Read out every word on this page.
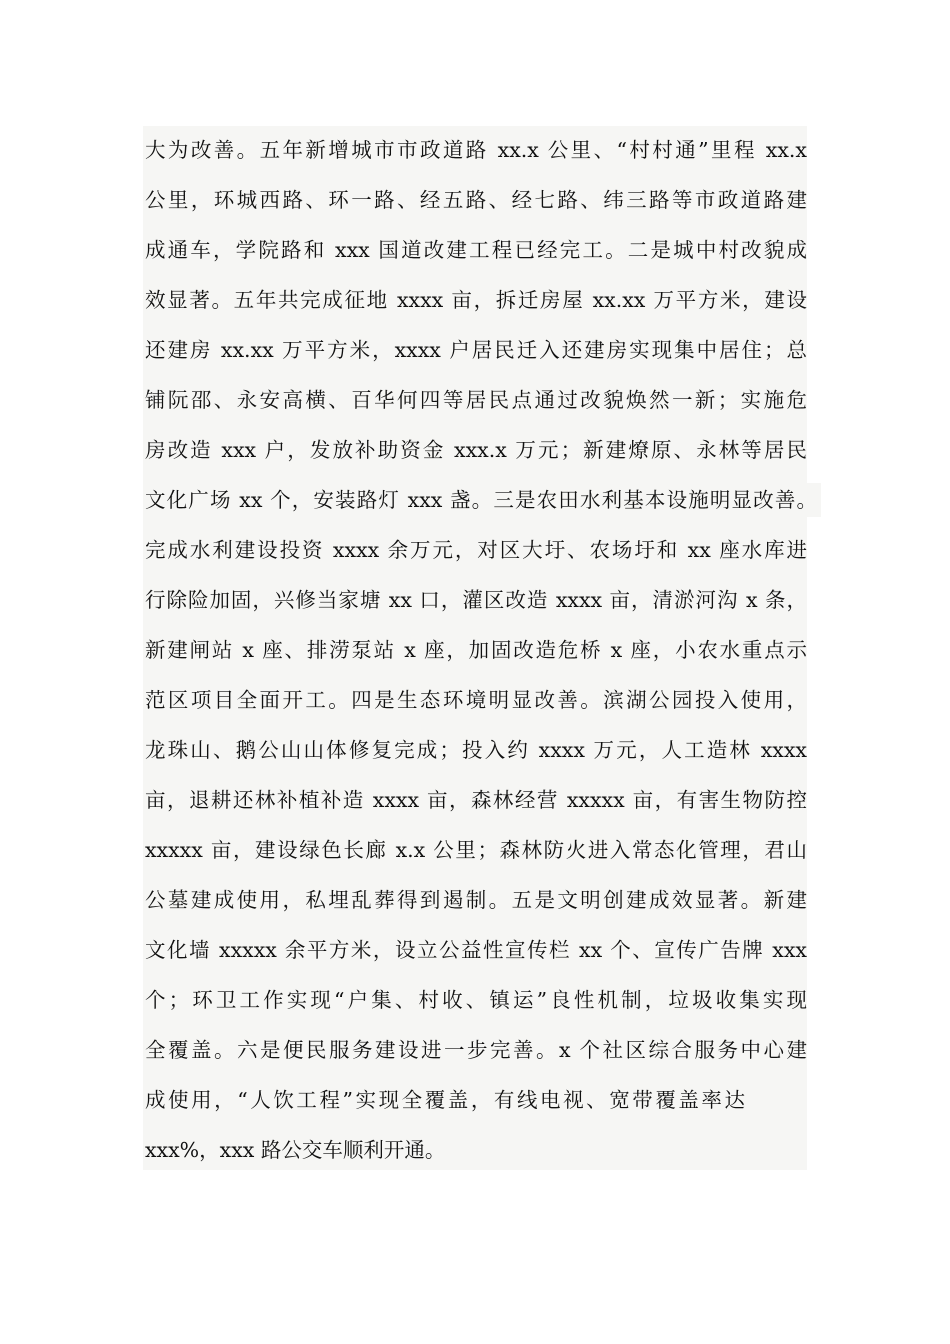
大为改善。五年新增城市市政道路 xx.x 公里、“村村通”里程 xx.x
公里，环城西路、环一路、经五路、经七路、纬三路等市政道路建
成通车，学院路和 xxx 国道改建工程已经完工。二是城中村改貌成
效显著。五年共完成征地 xxxx 亩，拆迁房屋 xx.xx 万平方米，建设
还建房 xx.xx 万平方米，xxxx 户居民迁入还建房实现集中居住；总
铺阮邵、永安高横、百华何四等居民点通过改貌焕然一新；实施危
房改造 xxx 户，发放补助资金 xxx.x 万元；新建燎原、永林等居民
文化广场 xx 个，安装路灯 xxx 盏。三是农田水利基本设施明显改善。
完成水利建设投资 xxxx 余万元，对区大圩、农场圩和 xx 座水库进
行除险加固，兴修当家塘 xx 口，灌区改造 xxxx 亩，清淤河沟 x 条，
新建闸站 x 座、排涝泵站 x 座，加固改造危桥 x 座，小农水重点示
范区项目全面开工。四是生态环境明显改善。滨湖公园投入使用，
龙珠山、鹅公山山体修复完成；投入约 xxxx 万元，人工造林 xxxx
亩，退耕还林补植补造 xxxx 亩，森林经营 xxxxx 亩，有害生物防控
xxxxx 亩，建设绿色长廊 x.x 公里；森林防火进入常态化管理，君山
公墓建成使用，私埋乱葬得到遏制。五是文明创建成效显著。新建
文化墙 xxxxx 余平方米，设立公益性宣传栏 xx 个、宣传广告牌 xxx
个；环卫工作实现“户集、村收、镇运”良性机制，垃圾收集实现
全覆盖。六是便民服务建设进一步完善。x 个社区综合服务中心建
成使用，“人饮工程”实现全覆盖，有线电视、宽带覆盖率达
xxx%，xxx 路公交车顺利开通。
